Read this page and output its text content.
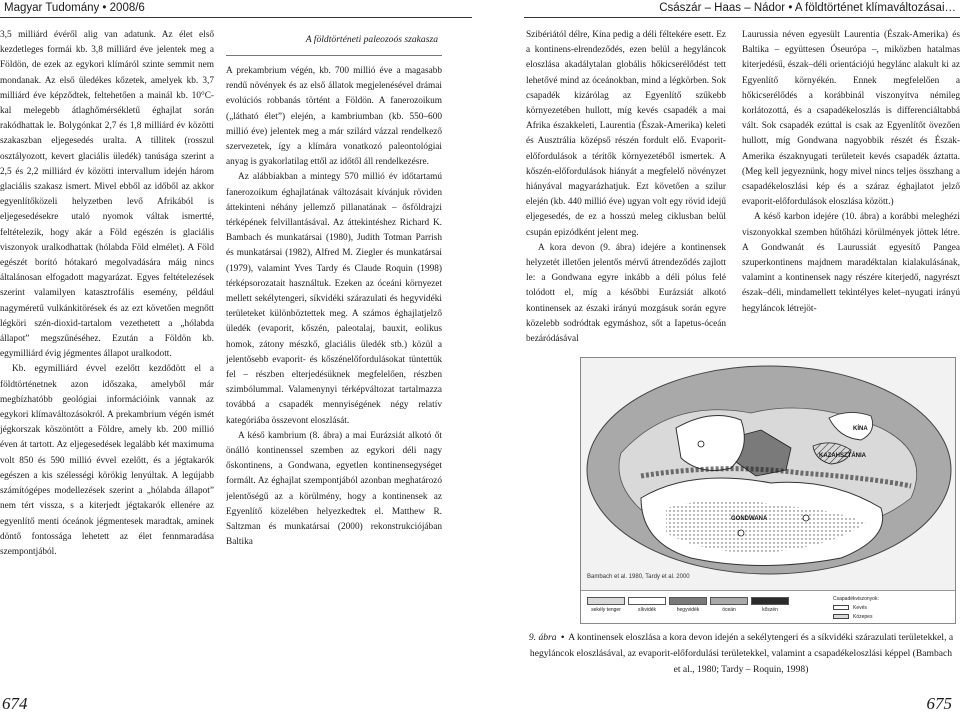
Magyar Tudomány • 2008/6

3,5 milliárd évéről alig van adatunk. Az élet első kezdetleges formái kb. 3,8 milliárd éve jelentek meg a Földön, de ezek az egykori klímáról szinte semmit nem mondanak. Az első üledékes kőzetek, amelyek kb. 3,7 milliárd éve képződtek, feltehetően a mainál kb. 10°C-kal melegebb átlaghőmérsékletű éghajlat során rakódhattak le. Bolygónkat 2,7 és 1,8 milliárd év közötti szakaszban eljegesedés uralta. A tillitek (rosszul osztályozott, kevert glaciális üledék) tanúsága szerint a 2,5 és 2,2 milliárd év közötti intervallum idején három glaciális szakasz ismert. Mivel ebből az időből az akkor egyenlítőközeli helyzetben levő Afrikából is eljegesedésekre utaló nyomok váltak ismertté, feltételezik, hogy akár a Föld egészén is glaciális viszonyok uralkodhattak (hólabda Föld elmélet). A Föld egészét borító hótakaró megolvadására máig nincs általánosan elfogadott magyarázat. Egyes feltételezések szerint valamilyen katasztrofális esemény, például nagyméretű vulkánkitörések és az ezt követően megnőtt légköri szén-dioxid-tartalom vezethetett a „hólabda állapot” megszűnéséhez. Ezután a Földön kb. egymilliárd évig jégmentes állapot uralkodott.

Kb. egymilliárd évvel ezelőtt kezdődött el a földtörténetnek azon időszaka, amelyből már megbízhatóbb geológiai információink vannak az egykori klímaváltozásokról. A prekambrium végén ismét jégkorszak köszöntött a Földre, amely kb. 200 millió éven át tartott. Az eljegesedések legalább két maximuma volt 850 és 590 millió évvel ezelőtt, és a jégtakarók egészen a kis szélességi körökig lenyúltak. A legújabb számítógépes modellezések szerint a „hólabda állapot” nem tért vissza, s a kiterjedt jégtakarók ellenére az egyenlítő menti óceánok jégmentesek maradtak, aminek döntő fontossága lehetett az élet fennmaradása szempontjából.

A földtörténeti paleozoós szakasza

A prekambrium végén, kb. 700 millió éve a magasabb rendű növények és az első állatok megjelenésével drámai evolúciós robbanás történt a Földön. A fanerozoikum („látható élet”) elején, a kambriumban (kb. 550–600 millió éve) jelentek meg a már szilárd vázzal rendelkező szervezetek, így a klímára vonatkozó paleontológiai anyag is gyakorlatilag ettől az időtől áll rendelkezésre.

Az alábbiakban a mintegy 570 millió év időtartamú fanerozoikum éghajlatának változásait kívánjuk röviden áttekinteni néhány jellemző pillanatának – ősföldrajzi térképének felvillantásával. Az áttekintéshez Richard K. Bambach és munkatársai (1980), Judith Totman Parrish és munkatársai (1982), Alfred M. Ziegler és munkatársai (1979), valamint Yves Tardy és Claude Roquin (1998) térképsorozatait használtuk. Ezeken az óceáni környezet mellett sekélytengeri, síkvidéki szárazulati és hegyvidéki területeket különböztettek meg. A számos éghajlatjelző üledék (evaporit, kőszén, paleotalaj, bauxit, eolikus homok, zátony mészkő, glaciális üledék stb.) közül a jelentősebb evaporit- és kőszénelőfordulásokat tüntettük fel – részben elterjedésüknek megfelelően, részben szimbólummal. Valamenynyi térképváltozat tartalmazza továbbá a csapadék mennyiségének négy relatív kategóriába összevont eloszlását.

A késő kambrium (8. ábra) a mai Eurázsiát alkotó őt önálló kontinenssel szemben az egykori déli nagy őskontinens, a Gondwana, egyetlen kontinensegységet formált. Az éghajlat szempontjából azonban meghatározó jelentőségű az a körülmény, hogy a kontinensek az Egyenlítő közelében helyezkedtek el. Matthew R. Saltzman és munkatársai (2000) rekonstrukciójában Baltika

674
Császár – Haas – Nádor • A földtörténet klímaváltozásai…

Szibériától délre, Kína pedig a déli féltekére esett. Ez a kontinens-elrendeződés, ezen belül a hegyláncok eloszlása akadálytalan globális hőkicserélődést tett lehetővé mind az óceánokban, mind a légkörben. Sok csapadék kizárólag az Egyenlítő szűkebb környezetében hullott, míg kevés csapadék a mai Afrika északkeleti, Laurentia (Észak-Amerika) keleti és Ausztrália középső részén fordult elő. Evaporit-előfordulások a térítők környezetéből ismertek. A kőszén-előfordulások hiányát a megfelelő növényzet hiányával magyarázhatjuk. Ezt követően a szilur elején (kb. 440 millió éve) ugyan volt egy rövid idejű eljegesedés, de ez a hosszú meleg ciklusban belül csupán epizódként jelent meg.

A kora devon (9. ábra) idejére a kontinensek helyzetét illetően jelentős mérvű átrendeződés zajlott le: a Gondwana egyre inkább a déli pólus felé tolódott el, míg a későbbi Eurázsiát alkotó kontinensek az északi irányú mozgásuk során egyre közelebb sodródtak egymáshoz, sőt a Iapetus-óceán bezáródásával

Laurussia néven egyesült Laurentia (Észak-Amerika) és Baltika – együttesen Óseurópa –, miközben hatalmas kiterjedésű, észak–déli orientációjú hegylánc alakult ki az Egyenlítő környékén. Ennek megfelelően a hőkicserélődés a korábbinál viszonyítva némileg korlátozottá, és a csapadékeloszlás is differenciáltabbá vált. Sok csapadék ezúttal is csak az Egyenlítőt övezően hullott, míg Gondwana nagyobbik részét és Észak-Amerika északnyugati területeit kevés csapadék áztatta. (Meg kell jegyeznünk, hogy mivel nincs teljes összhang a csapadékeloszlási kép és a száraz éghajlatot jelző evaporit-előfordulások eloszlása között.)

A késő karbon idejére (10. ábra) a korábbi meleghézi viszonyokkal szemben hűtőházi körülmények jöttek létre. A Gondwanát és Laurussiát egyesítő Pangea szuperkontinens majdnem maradéktalan kialakulásának, valamint a kontinensek nagy részére kiterjedő, nagyrészt észak–déli, mindamellett tekintélyes kelet–nyugati irányú hegyláncok létrejöt-

KÍNA
KAZAHSZTÁNIA
GONDWANA
Bambach et al. 1980, Tardy et al. 2000
sekély tenger	síkvidék	hegyvidék	óceán	kőszén
Csapadékviszonyok:
Kevés
Közepes
9. ábra • A kontinensek eloszlása a kora devon idején a sekélytengeri és a síkvidéki szárazulati területekkel, a hegyláncok eloszlásával, az evaporit-előfordulási területekkel, valamint a csapadékeloszlási képpel (Bambach et al., 1980; Tardy – Roquin, 1998)
675
